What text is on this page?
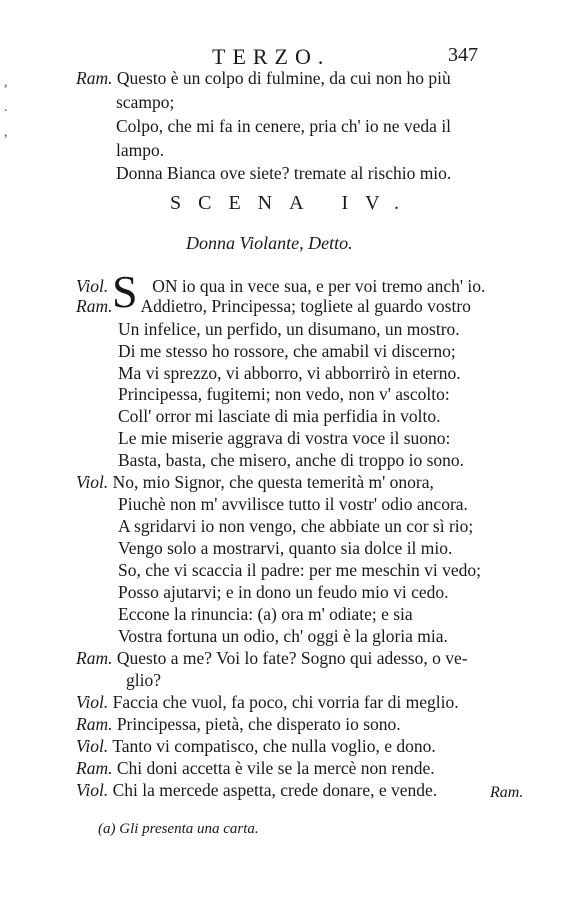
,
.
,
TERZO.	347
Ram. Questo è un colpo di fulmine, da cui non ho più
scampo;
Colpo, che mi fa in cenere, pria ch' io ne veda il
lampo.
Donna Bianca ove siete? tremate al rischio mio.
SCENA IV.
Donna Violante, Detto.
S
Viol.	ON io qua in vece sua, e per voi tremo anch' io.
Ram. Addietro, Principessa; togliete al guardo vostro
Un infelice, un perfido, un disumano, un mostro.
Di me stesso ho rossore, che amabil vi discerno;
Ma vi sprezzo, vi abborro, vi abborrirò in eterno.
Principessa, fugitemi; non vedo, non v' ascolto:
Coll' orror mi lasciate di mia perfidia in volto.
Le mie miserie aggrava di vostra voce il suono:
Basta, basta, che misero, anche di troppo io sono.
Viol. No, mio Signor, che questa temerità m' onora,
Piuchè non m' avvilisce tutto il vostr' odio ancora.
A sgridarvi io non vengo, che abbiate un cor sì rio;
Vengo solo a mostrarvi, quanto sia dolce il mio.
So, che vi scaccia il padre: per me meschin vi vedo;
Posso ajutarvi; e in dono un feudo mio vi cedo.
Eccone la rinuncia: (a) ora m' odiate; e sia
Vostra fortuna un odio, ch' oggi è la gloria mia.
Ram. Questo a me? Voi lo fate? Sogno qui adesso, o ve-
glio?
Viol. Faccia che vuol, fa poco, chi vorria far di meglio.
Ram. Principessa, pietà, che disperato io sono.
Viol. Tanto vi compatisco, che nulla voglio, e dono.
Ram. Chi doni accetta è vile se la mercè non rende.
Viol. Chi la mercede aspetta, crede donare, e vende.	Ram.
(a) Gli presenta una carta.
